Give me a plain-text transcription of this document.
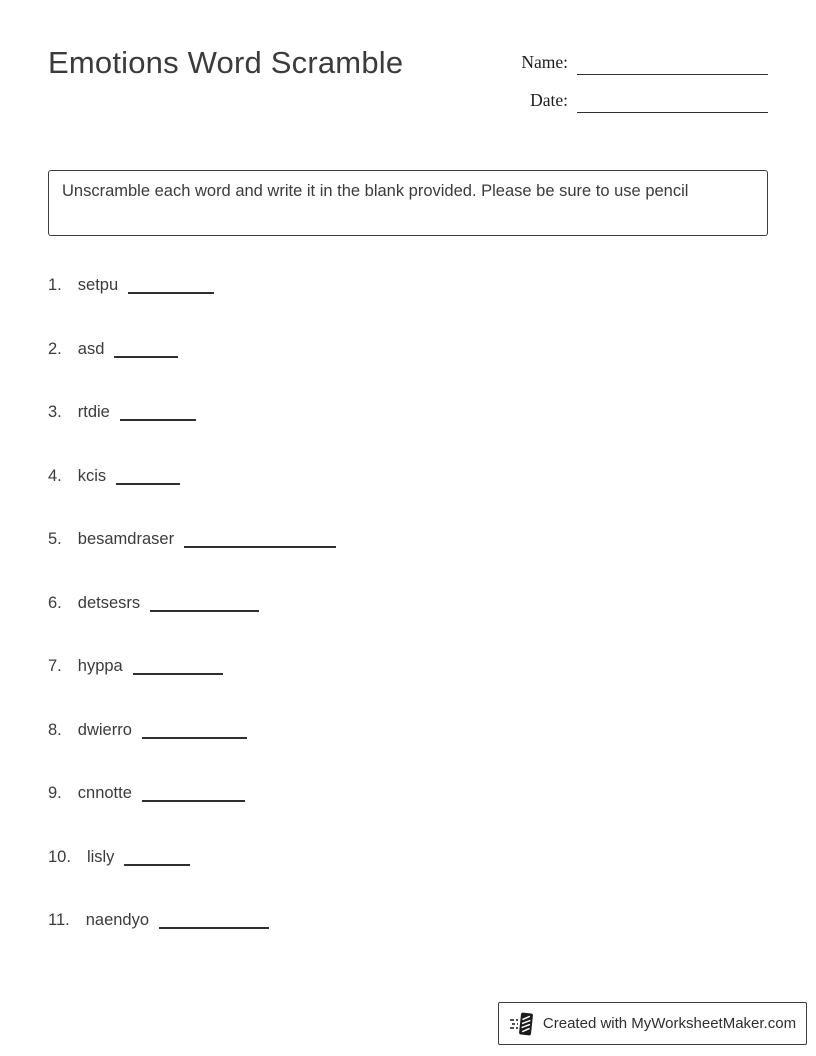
Emotions Word Scramble	Name:
Date:
Unscramble each word and write it in the blank provided. Please be sure to use pencil
1. setpu
2. asd
3. rtdie
4. kcis
5. besamdraser
6. detsesrs
7. hyppa
8. dwierro
9. cnnotte
10. lisly
11. naendyo
Created with MyWorksheetMaker.com
